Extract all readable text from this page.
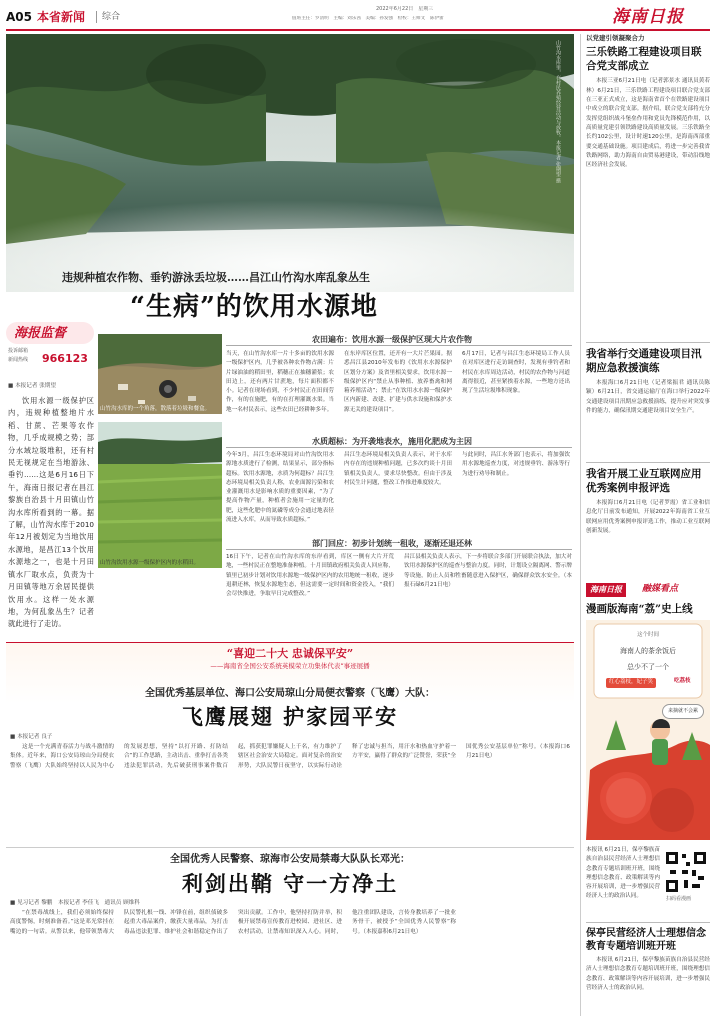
A05 本省新闻 综合
2022年6月22日　星期三
值班主任：罗清明　主编：刘乐茜　美编：孙发强　检校：王师文　陈伊蕾	海南日报
山竹沟水库里，在村民养殖经营活动与放牧。本报记者 张期望 摄
违规种植农作物、垂钓游泳丢垃圾……昌江山竹沟水库乱象丛生
“生病”的饮用水源地
海报监督
投诉邮箱
新闻热线 966123
■ 本报记者 张期望
饮用水源一级保护区内，违规种植整地片水稻、甘蔗、芒果等农作物，几乎成规模之势；部分水域垃圾堆积，还有村民无视规定在当地游泳、垂钓……这是6月16日下午，海南日报记者在昌江黎族自治县十月田镇山竹沟水库所看到的一幕。据了解，山竹沟水库于2010年12月被划定为当地饮用水源地，是昌江13个饮用水源地之一，也是十月田镇水厂取水点，负责为十月田镇等地万余居民提供饮用水。这样一处水源地，为何乱象丛生？记者就此进行了走访。
山竹沟水库的一个角落，散落着垃圾和餐盒。
山竹沟饮用水源一级保护区内的水稻田。
农田遍布：饮用水源一级保护区现大片农作物
当天，在山竹沟水库一片十多亩的饮用水源一级保护区内，几乎被各种农作物占满：片片绿油油的稻田里，稻穗正在抽穗灌浆；农田边上，还有两片甘蔗地，每片面积都不小。记者在现场看到，不少村民正在田间劳作，有的在施肥，有的在打理灌溉水渠。当地一名村民表示，这些农田已经耕种多年。
在东岸库区位置，还开有一大片芒果园。据悉昌江县2010年发布的《饮用水水源保护区划分方案》及省里相关要求，饮用水源一级保护区内“禁止从事种植、放养畜禽和网箱养殖活动”；禁止“在饮用水水源一级保护区内新建、改建、扩建与供水设施和保护水源无关的建设项目”。
6月17日，记者与昌江生态环境局工作人员在对库区进行走访调查时，发现有垂钓者和村民在水库周边活动，村民的农作物与河道离得很近，甚至紧挨着水源，一些地方还出现了生活垃圾堆积现象。
水质超标：为开袭地表水，施用化肥成为主因
今年3月，昌江生态环境局对山竹沟饮用水源地水质进行了检测，结果显示，部分指标超标。饮用水源地，水质为何超标？昌江生态环境局相关负责人称，农业面源污染和农业灌溉用水是影响水质的重要因素，“为了提高作物产量，种植者会施用一定量的化肥，这些化肥中的氮磷等成分会通过地表径流进入水库，从而导致水质超标。”
昌江生态环境局相关负责人表示，对于水库内存在的违规种植问题，已多次约谈十月田镇相关负责人，要求尽快整改。但由于涉及村民生计问题，整改工作推进难度较大。
与此同时，昌江水务部门也表示，将加强饮用水源地巡查力度，对违规垂钓、游泳等行为进行劝导和制止。
部门回应：初步计划统一租收，逐渐还退还林
16日下午，记者在山竹沟水库的东岸看到，库区一侧有大片开荒地，一些村民正在整地准备种植。十月田镇政府相关负责人回应称，镇里已初步计划对饮用水源地一级保护区内的农用地统一租收，逐步退耕还林，恢复水源地生态，但这需要一定时间和资金投入，“我们会尽快推进，争取早日完成整改。”
昌江县相关负责人表示，下一步将联合多部门开展联合执法，加大对饮用水源保护区的巡查与整治力度。同时，计划设立隔离网、警示牌等设施，防止人员和牲畜随意进入保护区，确保群众饮水安全。（本报石碌6月21日电）
“喜迎二十大 忠诚保平安”
——海南省全国公安系统英模荣立功集体代表”事迹展播
全国优秀基层单位、海口公安局琼山分局便衣警察（飞鹰）大队：
飞鹰展翅 护家园平安
■ 本报记者 良子
这是一个充满青春活力与战斗激情的集体。近年来，海口公安局琼山分局便衣警察（飞鹰）大队始终坚持以人民为中心的发展思想，坚持“以打开路、打防结合”的工作思路，主动出击、重拳打击各类违法犯罪活动，先后破获刑事案件数百起，抓获犯罪嫌疑人上千名，有力维护了辖区社会治安大局稳定。面对复杂的治安形势，大队民警日夜坚守，以实际行动诠释了忠诚与担当，用汗水和热血守护着一方平安，赢得了群众的广泛赞誉，荣获“全国优秀公安基层单位”称号。（本报海口6月21日电）
全国优秀人民警察、琼海市公安局禁毒大队队长邓光：
利剑出鞘 守一方净土
■ 见习记者 黎鹏　本报记者 李佳飞　通讯员 顾维科
“在禁毒战线上，我们必须始终保持高度警惕，时刻准备着。”这是邓光常挂在嘴边的一句话。从警以来，他带领禁毒大队民警扎根一线、冲锋在前，组织侦破多起重大毒品案件，缴获大量毒品，为打击毒品违法犯罪、维护社会和谐稳定作出了突出贡献。工作中，他坚持打防并举，积极开展禁毒宣传教育进校园、进社区、进农村活动，让禁毒知识深入人心。同时，他注重团队建设，言传身教培养了一批业务骨干，被授予“全国优秀人民警察”称号。（本报嘉积6月21日电）
以党建引领凝聚合力
三乐铁路工程建设项目联合党支部成立
本报三亚6月21日电（记者郭景水 通讯员黄若林）6月21日，三乐铁路工程建设项目联合党支部在三亚正式成立，这是海南省首个在铁路建设项目中成立的联合党支部。据介绍，联合党支部将充分发挥党组织战斗堡垒作用和党员先锋模范作用，以高质量党建引领铁路建设高质量发展。三乐铁路全长约102公里，设计时速120公里，是海南西部重要交通基础设施。项目建成后，将进一步完善我省铁路网络，助力海南自由贸易港建设，带动沿线地区经济社会发展。
我省举行交通建设项目汛期应急救援演练
本报海口6月21日电（记者梁振君 通讯员陈颖）6月21日，省交通运输厅在海口举行2022年交通建设项目汛期应急救援演练，提升应对突发事件的能力，确保汛期交通建设项目安全生产。
我省开展工业互联网应用优秀案例申报评选
本报海口6月21日电（记者罗霞）省工业和信息化厅日前发布通知，开展2022年海南省工业互联网应用优秀案例申报评选工作，推动工业互联网创新发展。
海南日报	融媒看点
漫画版海南“荔”史上线
这个时间
海南人的茶余饭后
总少不了一个
红心荔枝，妃子笑	吃荔枝
来摘就不会累
本报讯 6月21日，保亭黎族苗族自治县民营经济人士理想信念教育专题培训班开班，围绕理想信念教育、政策解读等内容开展培训，进一步增强民营经济人士的政治认同。	扫码看漫画
保亭民营经济人士理想信念教育专题培训班开班
本报讯 6月21日，保亭黎族苗族自治县民营经济人士理想信念教育专题培训班开班，围绕理想信念教育、政策解读等内容开展培训，进一步增强民营经济人士的政治认同。
